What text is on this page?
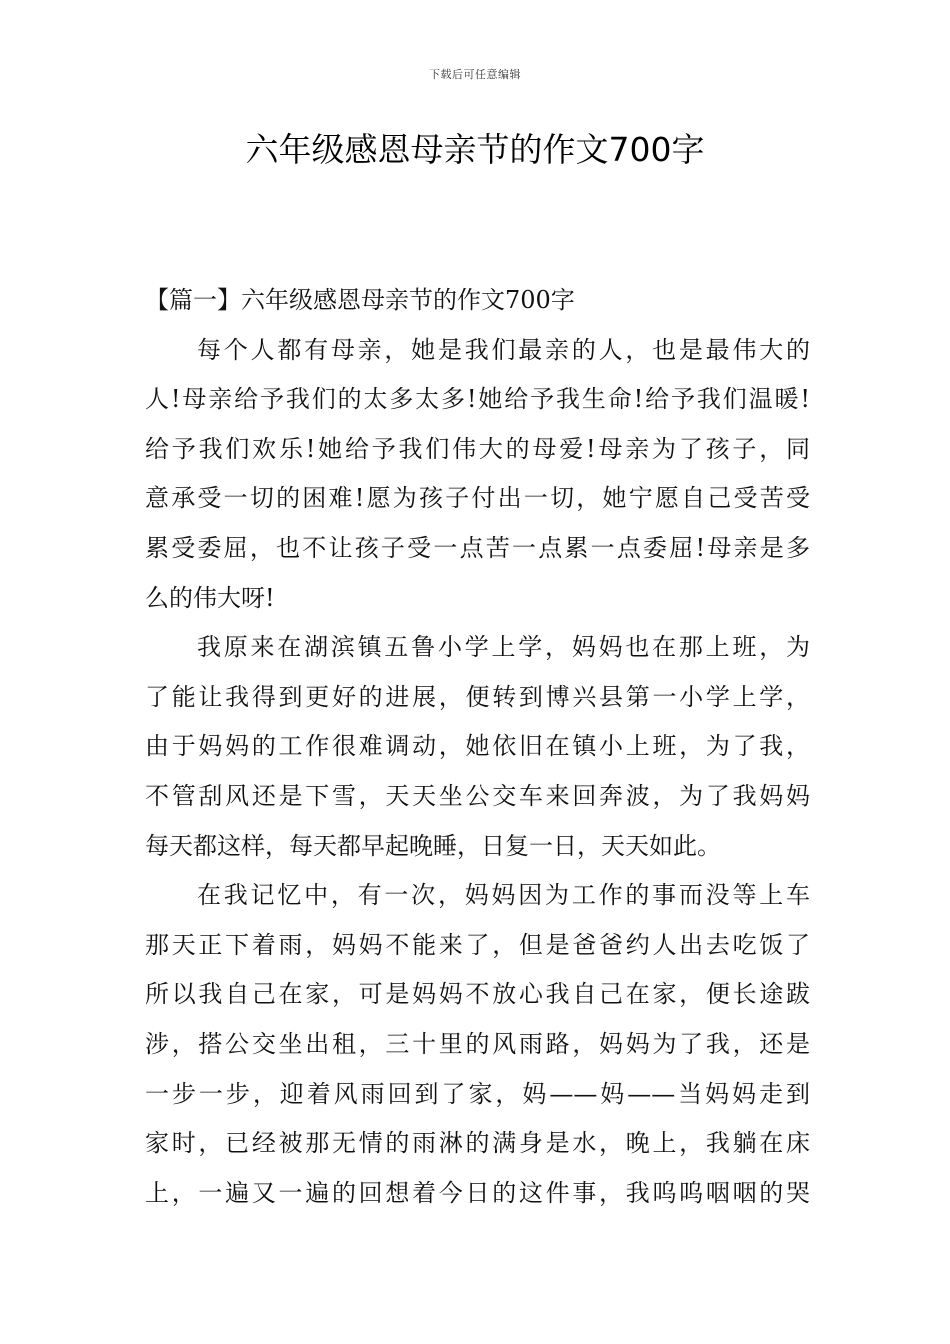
下载后可任意编辑
六年级感恩母亲节的作文700字

【篇一】六年级感恩母亲节的作文700字

每个人都有母亲，她是我们最亲的人，也是最伟大的
人!母亲给予我们的太多太多!她给予我生命!给予我们温暖!
给予我们欢乐!她给予我们伟大的母爱!母亲为了孩子，同
意承受一切的困难!愿为孩子付出一切，她宁愿自己受苦受
累受委屈，也不让孩子受一点苦一点累一点委屈!母亲是多
么的伟大呀!
我原来在湖滨镇五鲁小学上学，妈妈也在那上班，为
了能让我得到更好的进展，便转到博兴县第一小学上学，
由于妈妈的工作很难调动，她依旧在镇小上班，为了我，
不管刮风还是下雪，天天坐公交车来回奔波，为了我妈妈
每天都这样，每天都早起晚睡，日复一日，天天如此。
在我记忆中，有一次，妈妈因为工作的事而没等上车
那天正下着雨，妈妈不能来了，但是爸爸约人出去吃饭了
所以我自己在家，可是妈妈不放心我自己在家，便长途跋
涉，搭公交坐出租，三十里的风雨路，妈妈为了我，还是
一步一步，迎着风雨回到了家，妈——妈——当妈妈走到
家时，已经被那无情的雨淋的满身是水，晚上，我躺在床
上，一遍又一遍的回想着今日的这件事，我呜呜咽咽的哭
